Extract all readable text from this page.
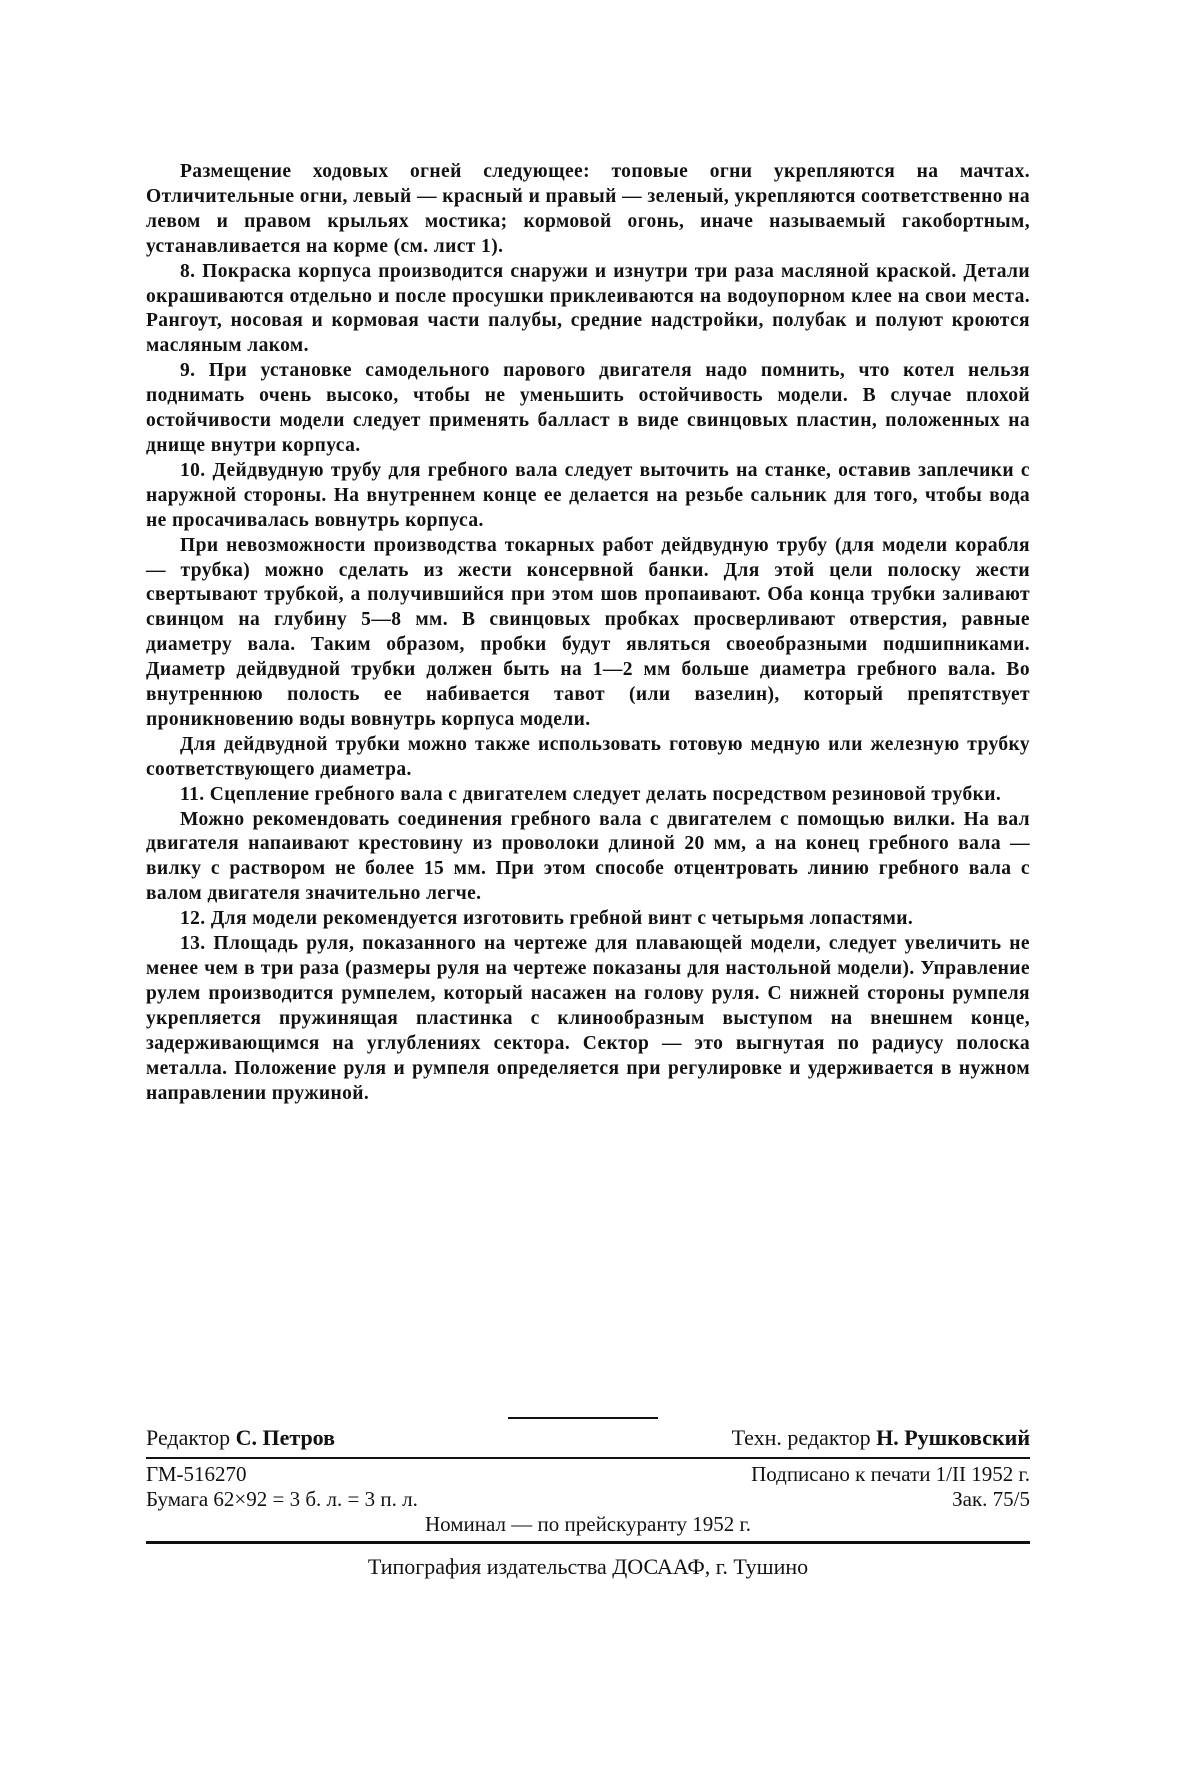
Размещение ходовых огней следующее: топовые огни укрепляются на мачтах. Отличительные огни, левый — красный и правый — зеленый, укрепляются соответственно на левом и правом крыльях мостика; кормовой огонь, иначе называемый гакобортным, устанавливается на корме (см. лист 1).

8. Покраска корпуса производится снаружи и изнутри три раза масляной краской. Детали окрашиваются отдельно и после просушки приклеиваются на водоупорном клее на свои места. Рангоут, носовая и кормовая части палубы, средние надстройки, полубак и полуют кроются масляным лаком.

9. При установке самодельного парового двигателя надо помнить, что котел нельзя поднимать очень высоко, чтобы не уменьшить остойчивость модели. В случае плохой остойчивости модели следует применять балласт в виде свинцовых пластин, положенных на днище внутри корпуса.

10. Дейдвудную трубу для гребного вала следует выточить на станке, оставив заплечики с наружной стороны. На внутреннем конце ее делается на резьбе сальник для того, чтобы вода не просачивалась вовнутрь корпуса.

При невозможности производства токарных работ дейдвудную трубу (для модели корабля — трубка) можно сделать из жести консервной банки. Для этой цели полоску жести свертывают трубкой, а получившийся при этом шов пропаивают. Оба конца трубки заливают свинцом на глубину 5—8 мм. В свинцовых пробках просверливают отверстия, равные диаметру вала. Таким образом, пробки будут являться своеобразными подшипниками. Диаметр дейдвудной трубки должен быть на 1—2 мм больше диаметра гребного вала. Во внутреннюю полость ее набивается тавот (или вазелин), который препятствует проникновению воды вовнутрь корпуса модели.

Для дейдвудной трубки можно также использовать готовую медную или железную трубку соответствующего диаметра.

11. Сцепление гребного вала с двигателем следует делать посредством резиновой трубки.

Можно рекомендовать соединения гребного вала с двигателем с помощью вилки. На вал двигателя напаивают крестовину из проволоки длиной 20 мм, а на конец гребного вала — вилку с раствором не более 15 мм. При этом способе отцентровать линию гребного вала с валом двигателя значительно легче.

12. Для модели рекомендуется изготовить гребной винт с четырьмя лопастями.

13. Площадь руля, показанного на чертеже для плавающей модели, следует увеличить не менее чем в три раза (размеры руля на чертеже показаны для настольной модели). Управление рулем производится румпелем, который насажен на голову руля. С нижней стороны румпеля укрепляется пружинящая пластинка с клинообразным выступом на внешнем конце, задерживающимся на углублениях сектора. Сектор — это выгнутая по радиусу полоска металла. Положение руля и румпеля определяется при регулировке и удерживается в нужном направлении пружиной.

Редактор С. Петров	Техн. редактор Н. Рушковский
ГМ-516270	Подписано к печати 1/II 1952 г.
Бумага 62×92 = 3 б. л. = 3 п. л.	Зак. 75/5
Номинал — по прейскуранту 1952 г.
Типография издательства ДОСААФ, г. Тушино
